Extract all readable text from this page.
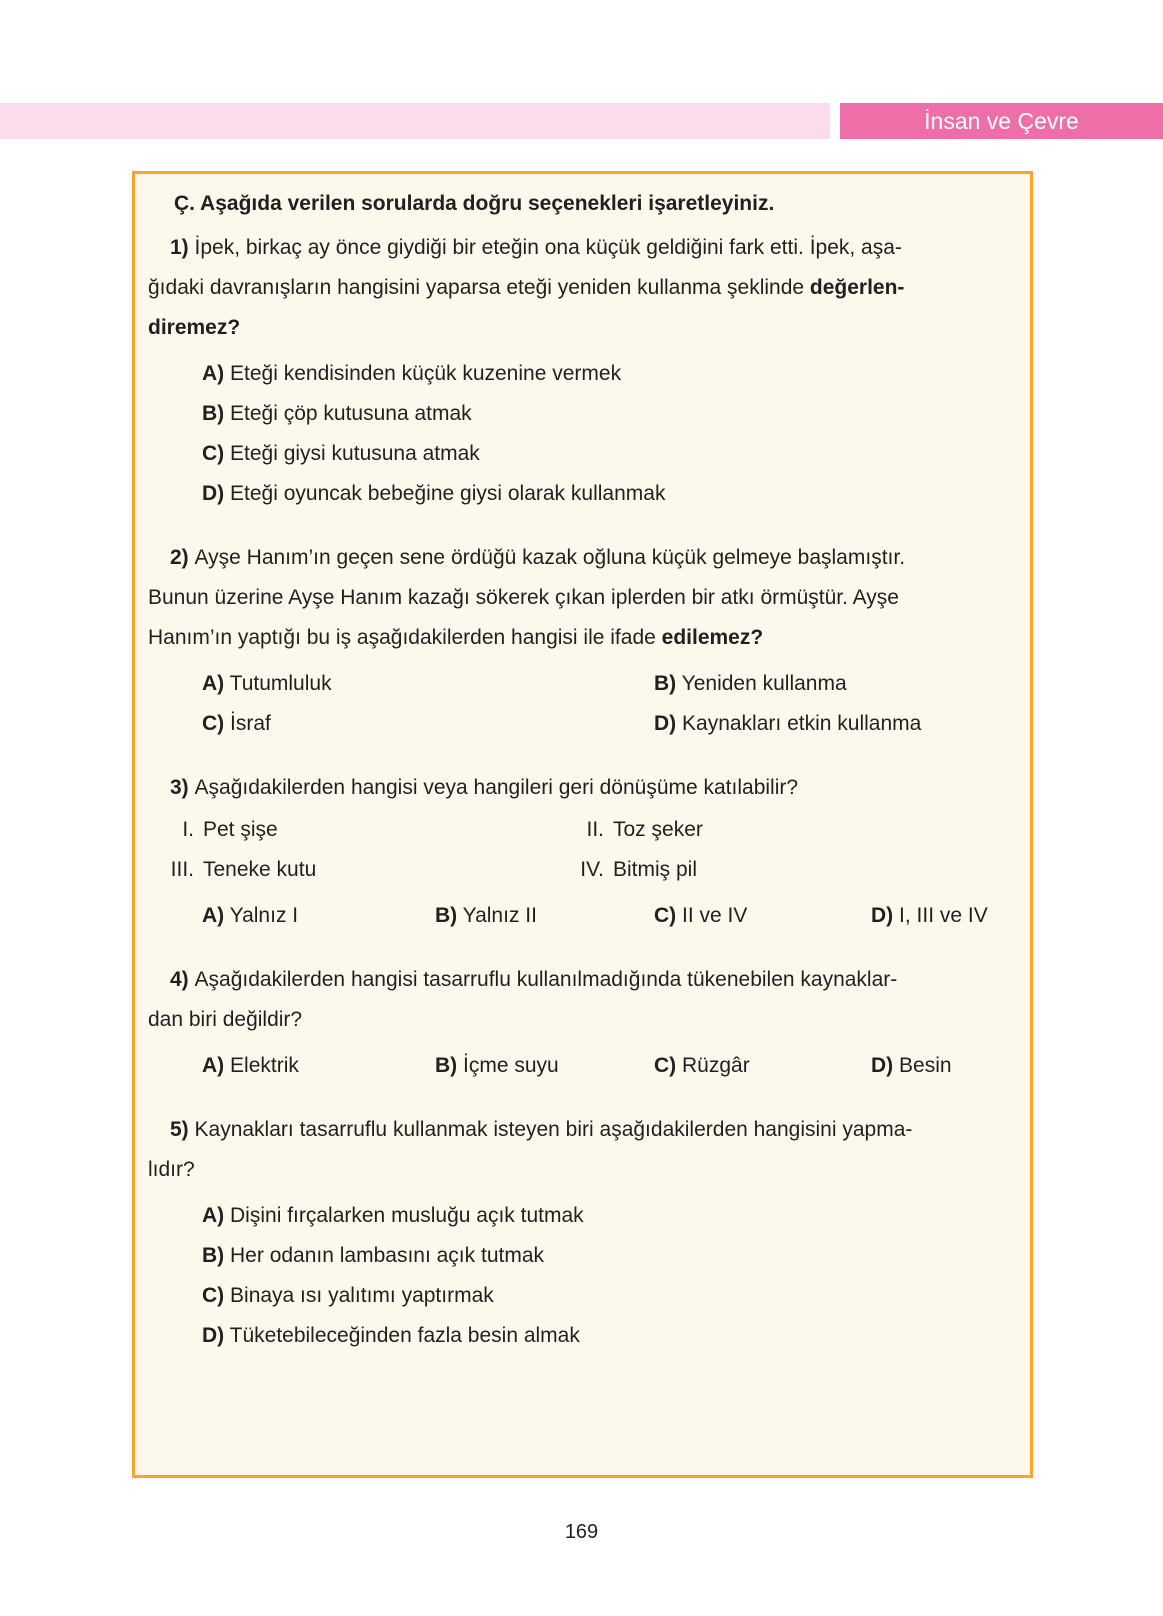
İnsan ve Çevre
Ç. Aşağıda verilen sorularda doğru seçenekleri işaretleyiniz.
1) İpek, birkaç ay önce giydiği bir eteğin ona küçük geldiğini fark etti. İpek, aşa-
ğıdaki davranışların hangisini yaparsa eteği yeniden kullanma şeklinde değerlen-
diremez?
A) Eteği kendisinden küçük kuzenine vermek
B) Eteği çöp kutusuna atmak
C) Eteği giysi kutusuna atmak
D) Eteği oyuncak bebeğine giysi olarak kullanmak
2) Ayşe Hanım’ın geçen sene ördüğü kazak oğluna küçük gelmeye başlamıştır.
Bunun üzerine Ayşe Hanım kazağı sökerek çıkan iplerden bir atkı örmüştür. Ayşe
Hanım’ın yaptığı bu iş aşağıdakilerden hangisi ile ifade edilemez?
A) Tutumluluk	B) Yeniden kullanma
C) İsraf	D) Kaynakları etkin kullanma
3) Aşağıdakilerden hangisi veya hangileri geri dönüşüme katılabilir?
I. Pet şişe	II. Toz şeker
III. Teneke kutu	IV. Bitmiş pil
A) Yalnız I	B) Yalnız II	C) II ve IV	D) I, III ve IV
4) Aşağıdakilerden hangisi tasarruflu kullanılmadığında tükenebilen kaynaklar-
dan biri değildir?
A) Elektrik	B) İçme suyu	C) Rüzgâr	D) Besin
5) Kaynakları tasarruflu kullanmak isteyen biri aşağıdakilerden hangisini yapma-
lıdır?
A) Dişini fırçalarken musluğu açık tutmak
B) Her odanın lambasını açık tutmak
C) Binaya ısı yalıtımı yaptırmak
D) Tüketebileceğinden fazla besin almak
169
